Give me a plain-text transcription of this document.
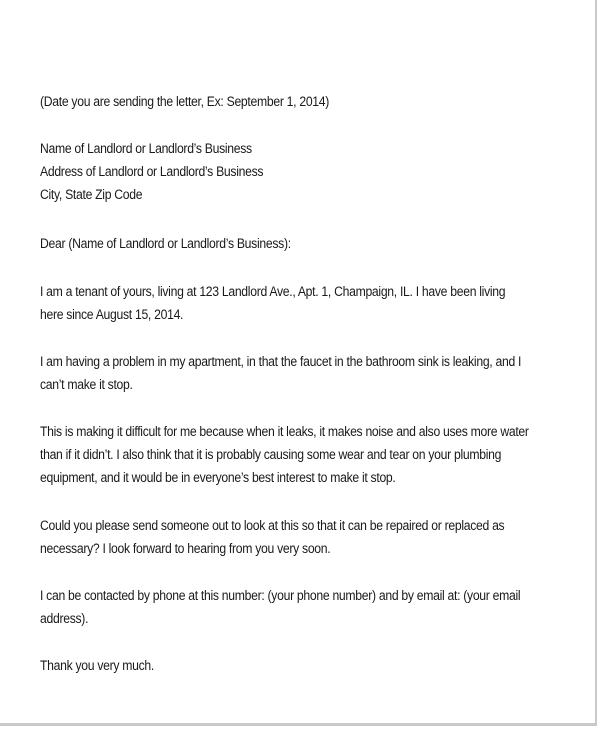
(Date you are sending the letter, Ex: September 1, 2014)

Name of Landlord or Landlord’s Business

Address of Landlord or Landlord’s Business

City, State Zip Code

Dear (Name of Landlord or Landlord’s Business):

I am a tenant of yours, living at 123 Landlord Ave., Apt. 1, Champaign, IL. I have been living

here since August 15, 2014.

I am having a problem in my apartment, in that the faucet in the bathroom sink is leaking, and I

can’t make it stop.

This is making it difficult for me because when it leaks, it makes noise and also uses more water

than if it didn’t. I also think that it is probably causing some wear and tear on your plumbing

equipment, and it would be in everyone’s best interest to make it stop.

Could you please send someone out to look at this so that it can be repaired or replaced as

necessary? I look forward to hearing from you very soon.

I can be contacted by phone at this number: (your phone number) and by email at: (your email

address).

Thank you very much.
